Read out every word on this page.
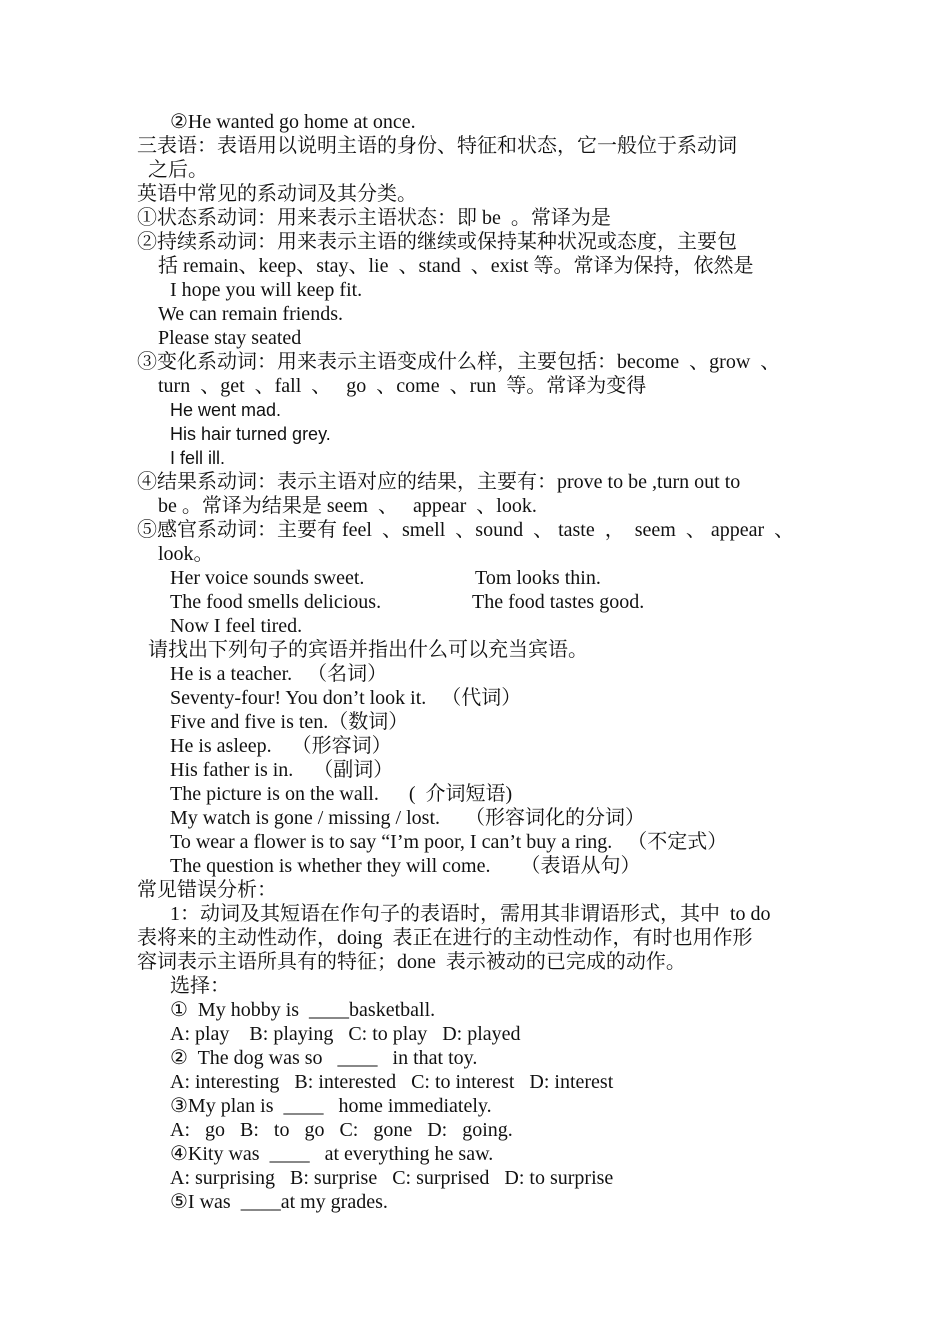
②He wanted go home at once.
三表语：表语用以说明主语的身份、特征和状态，它一般位于系动词
之后。
英语中常见的系动词及其分类。
①状态系动词：用来表示主语状态：即 be  。常译为是
②持续系动词：用来表示主语的继续或保持某种状况或态度，主要包
括 remain、keep、stay、lie  、stand  、exist 等。常译为保持，依然是
I hope you will keep fit.
We can remain friends.
Please stay seated
③变化系动词：用来表示主语变成什么样，主要包括：become  、grow  、
turn  、get  、fall  、   go  、come  、run  等。常译为变得
He went mad.
His hair turned grey.
I fell ill.
④结果系动词：表示主语对应的结果，主要有：prove to be ,turn out to
be 。常译为结果是 seem  、   appear  、look.
⑤感官系动词：主要有 feel  、smell  、sound  、 taste  ，  seem  、 appear  、
look。
Her voice sounds sweet.	Tom looks thin.
The food smells delicious.	The food tastes good.
Now I feel tired.
请找出下列句子的宾语并指出什么可以充当宾语。
He is a teacher.   （名词）
Seventy-four! You don’t look it.   （代词）
Five and five is ten.（数词）
He is asleep.    （形容词）
His father is in.    （副词）
The picture is on the wall.      (  介词短语)
My watch is gone / missing / lost.     （形容词化的分词）
To wear a flower is to say “I’m poor, I can’t buy a ring.   （不定式）
The question is whether they will come.      （表语从句）
常见错误分析：
1：动词及其短语在作句子的表语时，需用其非谓语形式，其中  to do
表将来的主动性动作，doing  表正在进行的主动性动作，有时也用作形
容词表示主语所具有的特征；done  表示被动的已完成的动作。
选择：
①  My hobby is  ____basketball.
A: play    B: playing   C: to play   D: played
②  The dog was so   ____   in that toy.
A: interesting   B: interested   C: to interest   D: interest
③My plan is  ____   home immediately.
A:   go   B:   to   go   C:   gone   D:   going.
④Kity was  ____   at everything he saw.
A: surprising   B: surprise   C: surprised   D: to surprise
⑤I was  ____at my grades.
